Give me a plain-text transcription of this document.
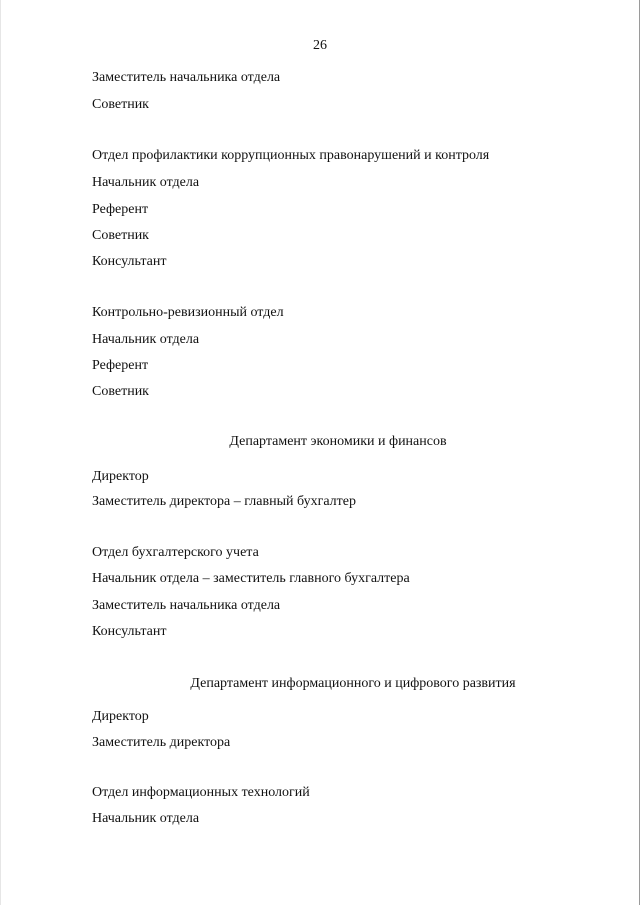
26
Заместитель начальника отдела
Советник
Отдел профилактики коррупционных правонарушений и контроля
Начальник отдела
Референт
Советник
Консультант
Контрольно-ревизионный отдел
Начальник отдела
Референт
Советник
Департамент экономики и финансов
Директор
Заместитель директора – главный бухгалтер
Отдел бухгалтерского учета
Начальник отдела – заместитель главного бухгалтера
Заместитель начальника отдела
Консультант
Департамент информационного и цифрового развития
Директор
Заместитель директора
Отдел информационных технологий
Начальник отдела
